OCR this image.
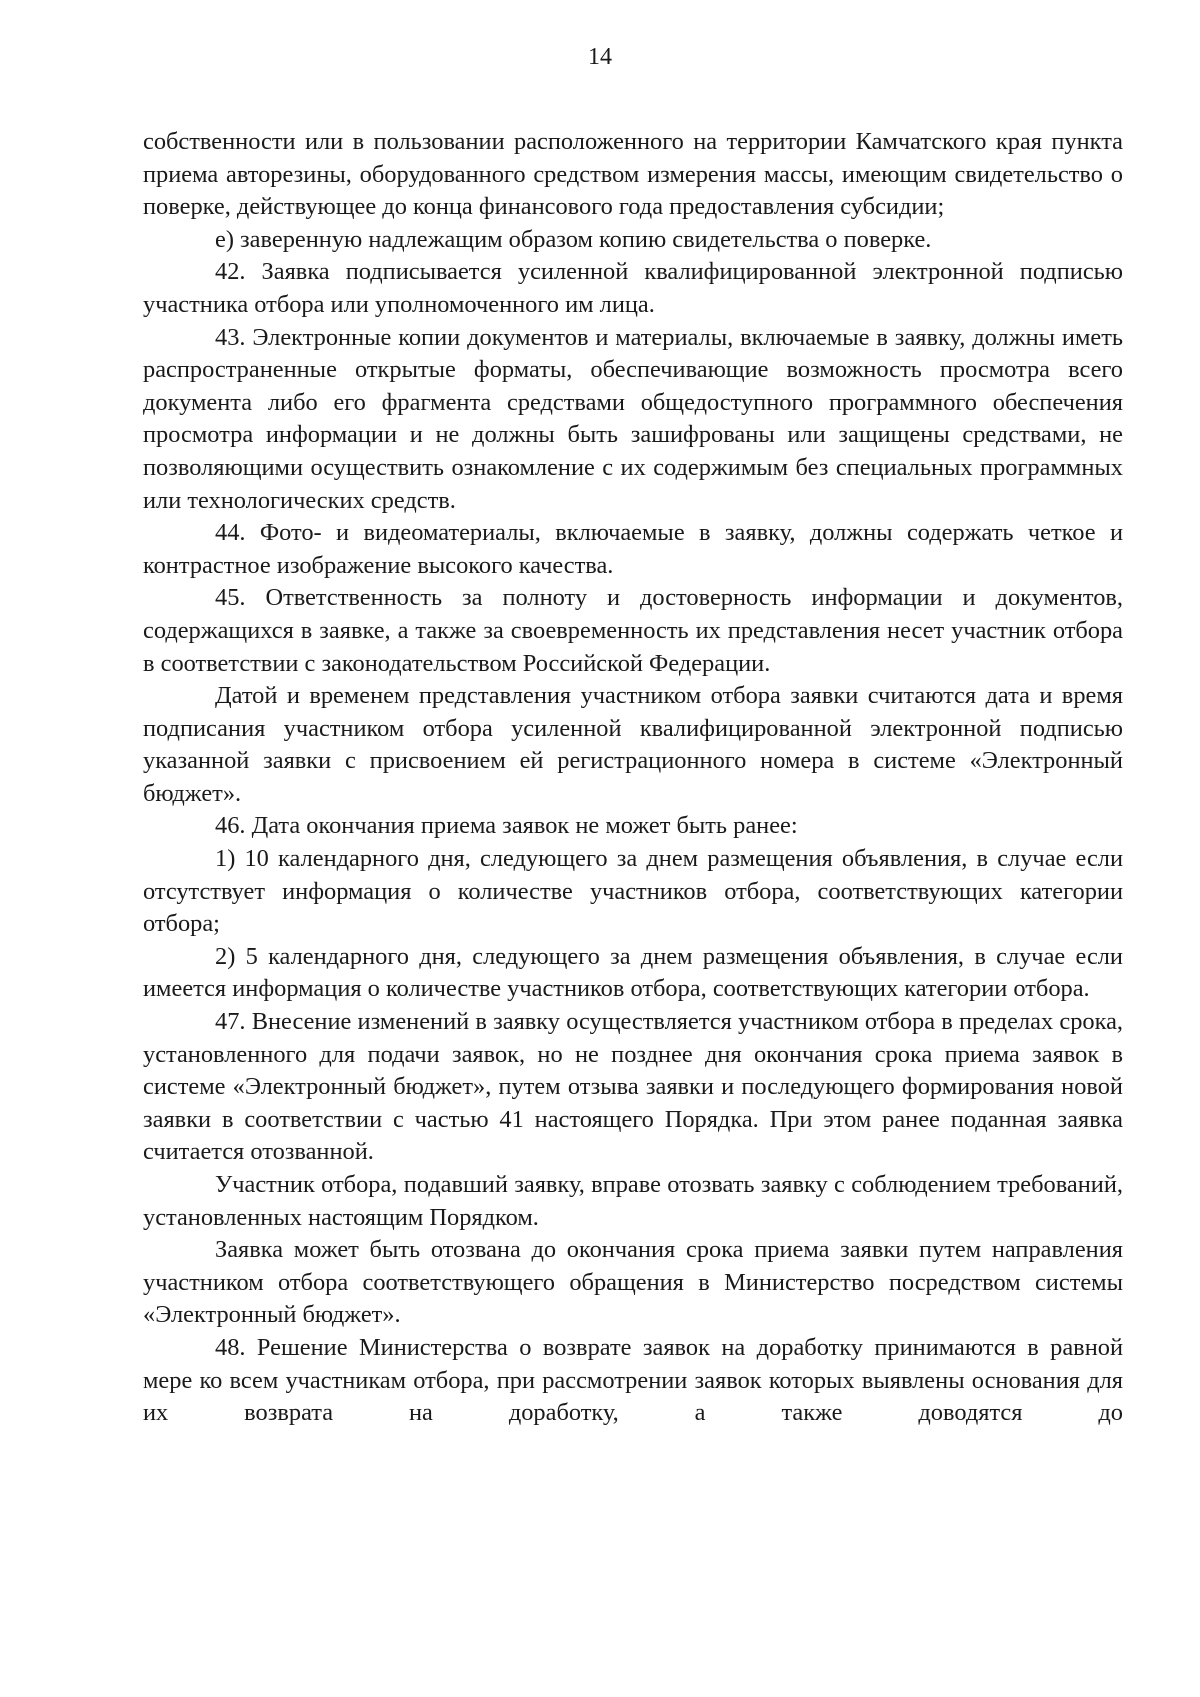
14

собственности или в пользовании расположенного на территории Камчатского края пункта приема авторезины, оборудованного средством измерения массы, имеющим свидетельство о поверке, действующее до конца финансового года предоставления субсидии;

е) заверенную надлежащим образом копию свидетельства о поверке.

42. Заявка подписывается усиленной квалифицированной электронной подписью участника отбора или уполномоченного им лица.

43. Электронные копии документов и материалы, включаемые в заявку, должны иметь распространенные открытые форматы, обеспечивающие возможность просмотра всего документа либо его фрагмента средствами общедоступного программного обеспечения просмотра информации и не должны быть зашифрованы или защищены средствами, не позволяющими осуществить ознакомление с их содержимым без специальных программных или технологических средств.

44. Фото- и видеоматериалы, включаемые в заявку, должны содержать четкое и контрастное изображение высокого качества.

45. Ответственность за полноту и достоверность информации и документов, содержащихся в заявке, а также за своевременность их представления несет участник отбора в соответствии с законодательством Российской Федерации.

Датой и временем представления участником отбора заявки считаются дата и время подписания участником отбора усиленной квалифицированной электронной подписью указанной заявки с присвоением ей регистрационного номера в системе «Электронный бюджет».

46. Дата окончания приема заявок не может быть ранее:

1) 10 календарного дня, следующего за днем размещения объявления, в случае если отсутствует информация о количестве участников отбора, соответствующих категории отбора;

2) 5 календарного дня, следующего за днем размещения объявления, в случае если имеется информация о количестве участников отбора, соответствующих категории отбора.

47. Внесение изменений в заявку осуществляется участником отбора в пределах срока, установленного для подачи заявок, но не позднее дня окончания срока приема заявок в системе «Электронный бюджет», путем отзыва заявки и последующего формирования новой заявки в соответствии с частью 41 настоящего Порядка. При этом ранее поданная заявка считается отозванной.

Участник отбора, подавший заявку, вправе отозвать заявку с соблюдением требований, установленных настоящим Порядком.

Заявка может быть отозвана до окончания срока приема заявки путем направления участником отбора соответствующего обращения в Министерство посредством системы «Электронный бюджет».

48. Решение Министерства о возврате заявок на доработку принимаются в равной мере ко всем участникам отбора, при рассмотрении заявок которых выявлены основания для их возврата на доработку, а также доводятся до
